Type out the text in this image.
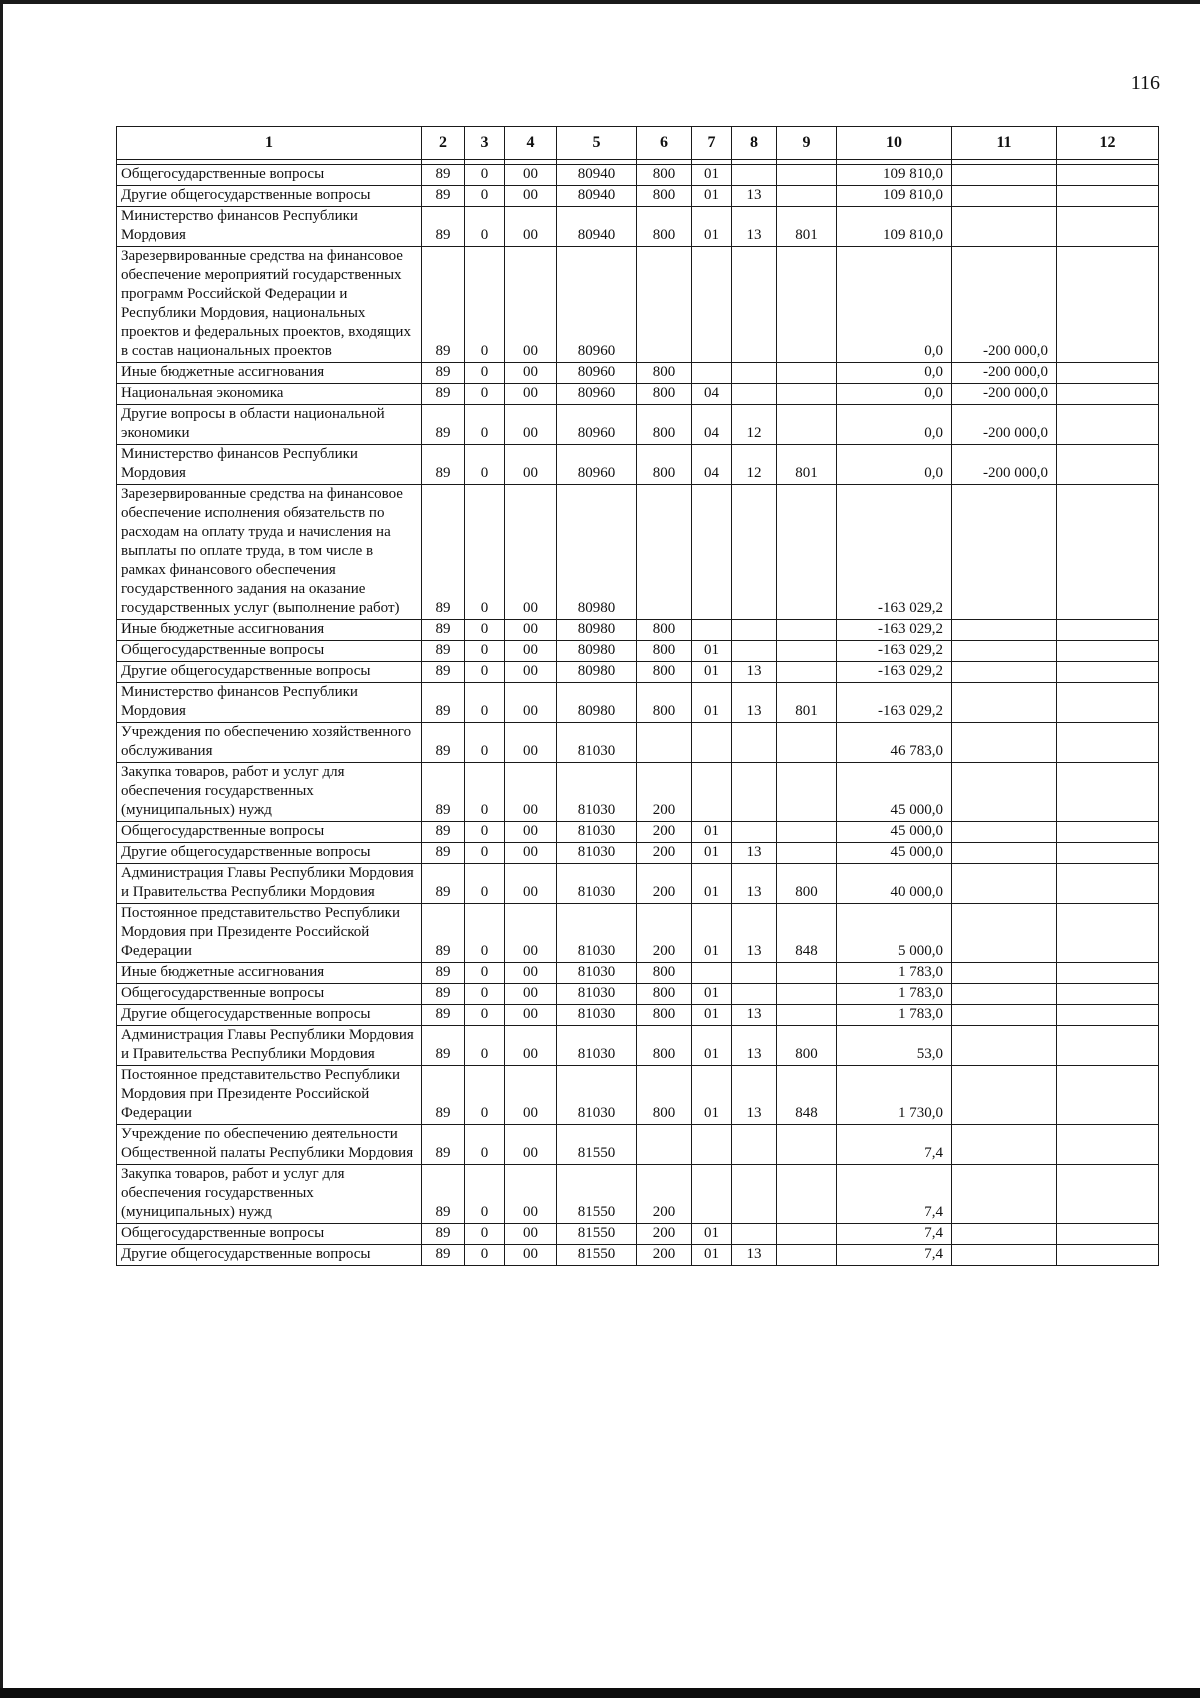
116
1	2	3	4	5	6	7	8	9	10	11	12

Общегосударственные вопросы	89	0	00	80940	800	01			109 810,0		
Другие общегосударственные вопросы	89	0	00	80940	800	01	13		109 810,0		
Министерство финансов Республики Мордовия	89	0	00	80940	800	01	13	801	109 810,0		
Зарезервированные средства на финансовое обеспечение мероприятий государственных программ Российской Федерации и Республики Мордовия, национальных проектов и федеральных проектов, входящих в состав национальных проектов	89	0	00	80960					0,0	-200 000,0	
Иные бюджетные ассигнования	89	0	00	80960	800				0,0	-200 000,0	
Национальная экономика	89	0	00	80960	800	04			0,0	-200 000,0	
Другие вопросы в области национальной экономики	89	0	00	80960	800	04	12		0,0	-200 000,0	
Министерство финансов Республики Мордовия	89	0	00	80960	800	04	12	801	0,0	-200 000,0	
Зарезервированные средства на финансовое обеспечение исполнения обязательств по расходам на оплату труда и начисления на выплаты по оплате труда, в том числе в рамках финансового обеспечения государственного задания на оказание государственных услуг (выполнение работ)	89	0	00	80980					-163 029,2		
Иные бюджетные ассигнования	89	0	00	80980	800				-163 029,2		
Общегосударственные вопросы	89	0	00	80980	800	01			-163 029,2		
Другие общегосударственные вопросы	89	0	00	80980	800	01	13		-163 029,2		
Министерство финансов Республики Мордовия	89	0	00	80980	800	01	13	801	-163 029,2		
Учреждения по обеспечению хозяйственного обслуживания	89	0	00	81030					46 783,0		
Закупка товаров, работ и услуг для обеспечения государственных (муниципальных) нужд	89	0	00	81030	200				45 000,0		
Общегосударственные вопросы	89	0	00	81030	200	01			45 000,0		
Другие общегосударственные вопросы	89	0	00	81030	200	01	13		45 000,0		
Администрация Главы Республики Мордовия и Правительства Республики Мордовия	89	0	00	81030	200	01	13	800	40 000,0		
Постоянное представительство Республики Мордовия при Президенте Российской Федерации	89	0	00	81030	200	01	13	848	5 000,0		
Иные бюджетные ассигнования	89	0	00	81030	800				1 783,0		
Общегосударственные вопросы	89	0	00	81030	800	01			1 783,0		
Другие общегосударственные вопросы	89	0	00	81030	800	01	13		1 783,0		
Администрация Главы Республики Мордовия и Правительства Республики Мордовия	89	0	00	81030	800	01	13	800	53,0		
Постоянное представительство Республики Мордовия при Президенте Российской Федерации	89	0	00	81030	800	01	13	848	1 730,0		
Учреждение по обеспечению деятельности Общественной палаты Республики Мордовия	89	0	00	81550					7,4		
Закупка товаров, работ и услуг для обеспечения государственных (муниципальных) нужд	89	0	00	81550	200				7,4		
Общегосударственные вопросы	89	0	00	81550	200	01			7,4		
Другие общегосударственные вопросы	89	0	00	81550	200	01	13		7,4		
